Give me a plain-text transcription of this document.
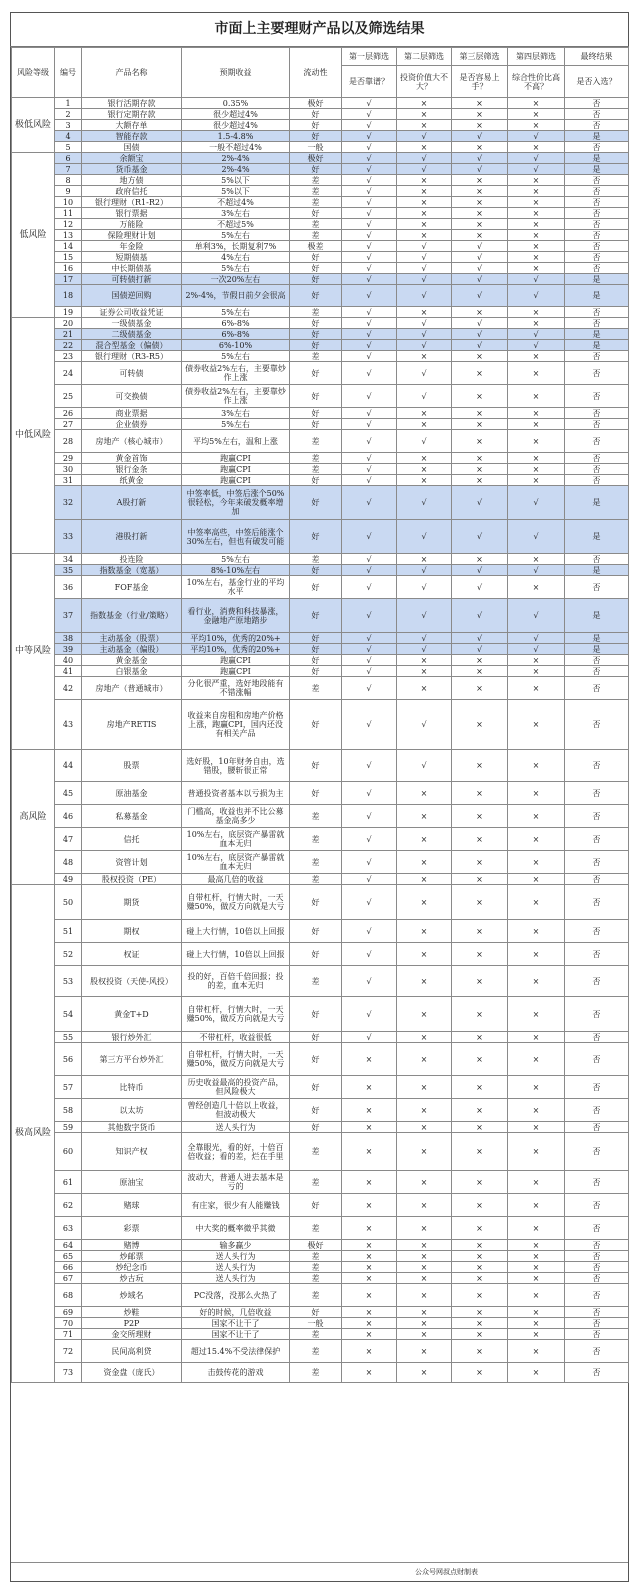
市面上主要理财产品以及筛选结果
风险等级	编号	产品名称	预期收益	流动性	第一层筛选	第二层筛选	第三层筛选	第四层筛选	最终结果
					是否靠谱？	投资价值大不大？	是否容易上手？	综合性价比高不高？	是否入选？
极低风险	1	银行活期存款	0.35%	极好	√	×	×	×	否
	2	银行定期存款	很少超过4%	好	√	×	×	×	否
	3	大额存单	很少超过4%	好	√	×	×	×	否
	4	智能存款	1.5-4.8%	好	√	√	√	√	是
	5	国债	一般不超过4%	一般	√	×	×	×	否
低风险	6	余额宝	2%-4%	极好	√	√	√	√	是
	7	货币基金	2%-4%	好	√	√	√	√	是
	8	地方债	5%以下	差	√	×	×	×	否
	9	政府信托	5%以下	差	√	×	×	×	否
	10	银行理财（R1-R2）	不超过4%	差	√	×	×	×	否
	11	银行票据	3%左右	好	√	×	×	×	否
	12	万能险	不超过5%	差	√	×	×	×	否
	13	保险理财计划	5%左右	差	√	×	×	×	否
	14	年金险	单利3%，长期复利7%	极差	√	√	√	×	否
	15	短期债基	4%左右	好	√	√	√	×	否
	16	中长期债基	5%左右	好	√	√	√	×	否
	17	可转债打新	一次20%左右	好	√	√	√	√	是
	18	国债逆回购	2%-4%，节假日前夕会很高	好	√	√	√	√	是
	19	证券公司收益凭证	5%左右	差	√	×	×	×	否
中低风险	20	一级债基金	6%-8%	好	√	√	√	×	否
	21	二级债基金	6%-8%	好	√	√	√	√	是
	22	混合型基金（偏债）	6%-10%	好	√	√	√	√	是
	23	银行理财（R3-R5）	5%左右	差	√	×	×	×	否
	24	可转债	债券收益2%左右，主要靠炒作上涨	好	√	√	×	×	否
	25	可交换债	债券收益2%左右，主要靠炒作上涨	好	√	√	×	×	否
	26	商业票据	3%左右	好	√	×	×	×	否
	27	企业债券	5%左右	好	√	×	×	×	否
	28	房地产（核心城市）	平均5%左右，温和上涨	差	√	√	×	×	否
	29	黄金首饰	跑赢CPI	差	√	×	×	×	否
	30	银行金条	跑赢CPI	差	√	×	×	×	否
	31	纸黄金	跑赢CPI	好	√	×	×	×	否
	32	A股打新	中签率低，中签后涨个50%很轻松，今年来破发概率增加	好	√	√	√	√	是
	33	港股打新	中签率高些，中签后能涨个30%左右，但也有破发可能	好	√	√	√	√	是
中等风险	34	投连险	5%左右	差	√	×	×	×	否
	35	指数基金（宽基）	8%-10%左右	好	√	√	√	√	是
	36	FOF基金	10%左右，基金行业的平均水平	好	√	√	√	×	否
	37	指数基金（行业/策略）	看行业，消费和科技暴涨，金融地产原地踏步	好	√	√	√	√	是
	38	主动基金（股票）	平均10%，优秀的20%+	好	√	√	√	√	是
	39	主动基金（偏股）	平均10%，优秀的20%+	好	√	√	√	√	是
	40	黄金基金	跑赢CPI	好	√	×	×	×	否
	41	白银基金	跑赢CPI	好	√	×	×	×	否
	42	房地产（普通城市）	分化很严重，选好地段能有不错涨幅	差	√	×	×	×	否
	43	房地产RETIS	收益来自房租和房地产价格上涨，跑赢CPI，国内还没有相关产品	好	√	√	×	×	否
高风险	44	股票	选好股，10年财务自由，选错股，腰斩很正常	好	√	√	×	×	否
	45	原油基金	普通投资者基本以亏损为主	好	√	×	×	×	否
	46	私募基金	门槛高，收益也并不比公募基金高多少	差	√	×	×	×	否
	47	信托	10%左右，底层资产暴雷就血本无归	差	√	×	×	×	否
	48	资管计划	10%左右，底层资产暴雷就血本无归	差	√	×	×	×	否
	49	股权投资（PE）	最高几倍的收益	差	√	×	×	×	否
极高风险	50	期货	自带杠杆，行情大时，一天赚50%，做反方向就是大亏	好	√	×	×	×	否
	51	期权	碰上大行情，10倍以上回报	好	√	×	×	×	否
	52	权证	碰上大行情，10倍以上回报	好	√	×	×	×	否
	53	股权投资（天使-风投）	投的好，百倍千倍回报；投的差，血本无归	差	√	×	×	×	否
	54	黄金T+D	自带杠杆，行情大时，一天赚50%，做反方向就是大亏	好	√	×	×	×	否
	55	银行炒外汇	不带杠杆，收益很低	好	√	×	×	×	否
	56	第三方平台炒外汇	自带杠杆，行情大时，一天赚50%，做反方向就是大亏	好	×	×	×	×	否
	57	比特币	历史收益最高的投资产品，但风险极大	好	×	×	×	×	否
	58	以太坊	曾经创造几十倍以上收益，但波动极大	好	×	×	×	×	否
	59	其他数字货币	送人头行为	好	×	×	×	×	否
	60	知识产权	全靠眼光，看的好，十倍百倍收益；看的差，烂在手里	差	×	×	×	×	否
	61	原油宝	波动大，普通人进去基本是亏的	差	×	×	×	×	否
	62	赌球	有庄家，很少有人能赚钱	好	×	×	×	×	否
	63	彩票	中大奖的概率微乎其微	差	×	×	×	×	否
	64	赌博	输多赢少	极好	×	×	×	×	否
	65	炒邮票	送人头行为	差	×	×	×	×	否
	66	炒纪念币	送人头行为	差	×	×	×	×	否
	67	炒古玩	送人头行为	差	×	×	×	×	否
	68	炒域名	PC没落，没那么火热了	差	×	×	×	×	否
	69	炒鞋	好的时候，几倍收益	好	×	×	×	×	否
	70	P2P	国家不让干了	一般	×	×	×	×	否
	71	金交所理财	国家不让干了	差	×	×	×	×	否
	72	民间高利贷	超过15.4%不受法律保护	差	×	×	×	×	否
	73	资金盘（庞氏）	击鼓传花的游戏	差	×	×	×	×	否
公众号网叔点财制表
